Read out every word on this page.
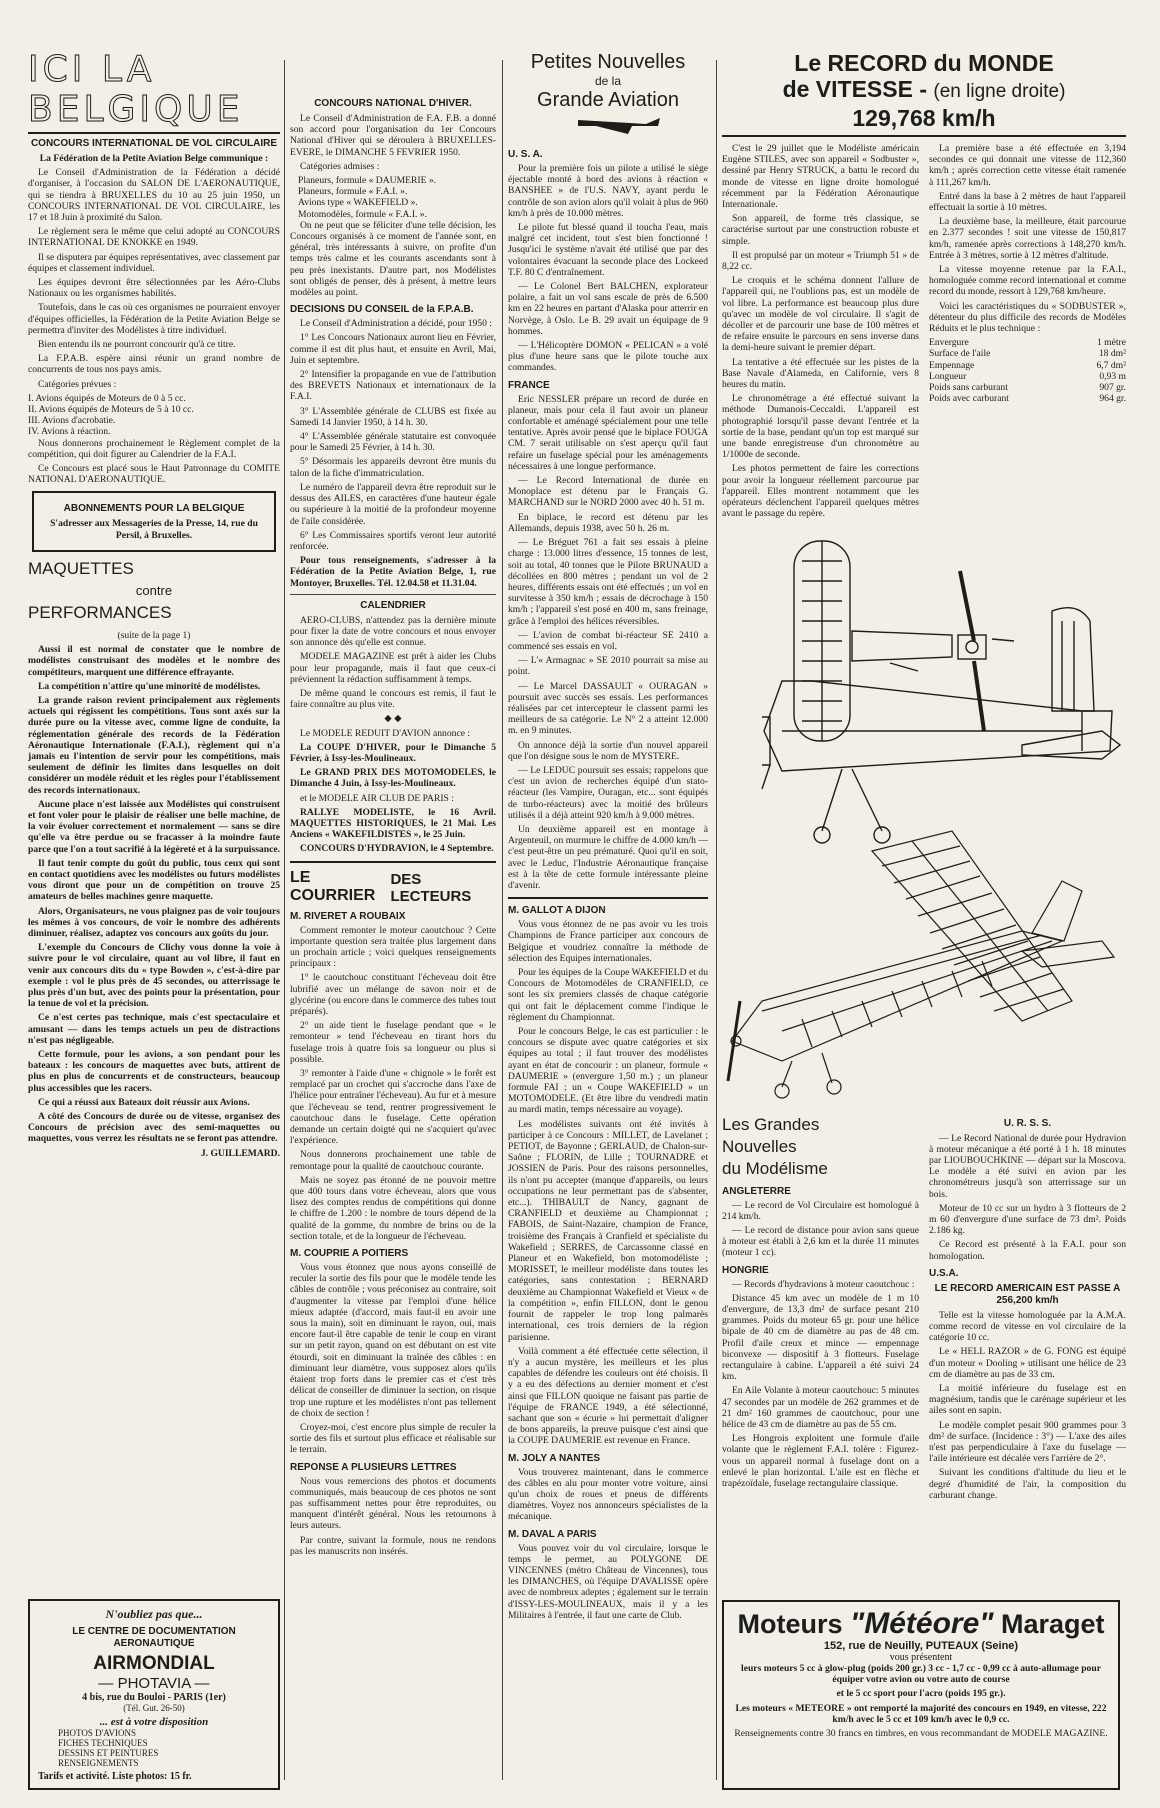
ICI LA BELGIQUE
CONCOURS INTERNATIONAL DE VOL CIRCULAIRE

La Fédération de la Petite Aviation Belge communique :

Le Conseil d'Administration de la Fédération a décidé d'organiser, à l'occasion du SALON DE L'AERONAUTIQUE, qui se tiendra à BRUXELLES du 10 au 25 juin 1950, un CONCOURS INTERNATIONAL DE VOL CIRCULAIRE, les 17 et 18 Juin à proximité du Salon.

Le règlement sera le même que celui adopté au CONCOURS INTERNATIONAL DE KNOKKE en 1949.

Il se disputera par équipes représentatives, avec classement par équipes et classement individuel.

Les équipes devront être sélectionnées par les Aéro-Clubs Nationaux ou les organismes habilités.

Toutefois, dans le cas où ces organismes ne pourraient envoyer d'équipes officielles, la Fédération de la Petite Aviation Belge se permettra d'inviter des Modélistes à titre individuel.

Bien entendu ils ne pourront concourir qu'à ce titre.

La F.P.A.B. espère ainsi réunir un grand nombre de concurrents de tous nos pays amis.

Catégories prévues :

I. Avions équipés de Moteurs de 0 à 5 cc.

II. Avions équipés de Moteurs de 5 à 10 cc.

III. Avions d'acrobatie.

IV. Avions à réaction.

Nous donnerons prochainement le Règlement complet de la compétition, qui doit figurer au Calendrier de la F.A.I.

Ce Concours est placé sous le Haut Patronnage du COMITE NATIONAL D'AERONAUTIQUE.

ABONNEMENTS POUR LA BELGIQUE

S'adresser aux Messageries de la Presse, 14, rue du Persil, à Bruxelles.

MAQUETTES
contre
PERFORMANCES

(suite de la page 1)

Aussi il est normal de constater que le nombre de modélistes construisant des modèles et le nombre des compétiteurs, marquent une différence effrayante.

La compétition n'attire qu'une minorité de modélistes.

La grande raison revient principalement aux règlements actuels qui régissent les compétitions. Tous sont axés sur la durée pure ou la vitesse avec, comme ligne de conduite, la réglementation générale des records de la Fédération Aéronautique Internationale (F.A.I.), règlement qui n'a jamais eu l'intention de servir pour les compétitions, mais seulement de définir les limites dans lesquelles on doit considérer un modèle réduit et les règles pour l'établissement des records internationaux.

Aucune place n'est laissée aux Modélistes qui construisent et font voler pour le plaisir de réaliser une belle machine, de la voir évoluer correctement et normalement — sans se dire qu'elle va être perdue ou se fracasser à la moindre faute parce que l'on a tout sacrifié à la légèreté et à la surpuissance.

Il faut tenir compte du goût du public, tous ceux qui sont en contact quotidiens avec les modélistes ou futurs modélistes vous diront que pour un de compétition on trouve 25 amateurs de belles machines genre maquette.

Alors, Organisateurs, ne vous plaignez pas de voir toujours les mêmes à vos concours, de voir le nombre des adhérents diminuer, réalisez, adaptez vos concours aux goûts du jour.

L'exemple du Concours de Clichy vous donne la voie à suivre pour le vol circulaire, quant au vol libre, il faut en venir aux concours dits du « type Bowden », c'est-à-dire par exemple : vol le plus près de 45 secondes, ou atterrissage le plus près d'un but, avec des points pour la présentation, pour la tenue de vol et la précision.

Ce n'est certes pas technique, mais c'est spectaculaire et amusant — dans les temps actuels un peu de distractions n'est pas négligeable.

Cette formule, pour les avions, a son pendant pour les bateaux : les concours de maquettes avec buts, attirent de plus en plus de concurrents et de constructeurs, beaucoup plus accessibles que les racers.

Ce qui a réussi aux Bateaux doit réussir aux Avions.

A côté des Concours de durée ou de vitesse, organisez des Concours de précision avec des semi-maquettes ou maquettes, vous verrez les résultats ne se feront pas attendre.

J. GUILLEMARD.

N'oubliez pas que...
LE CENTRE DE DOCUMENTATION AERONAUTIQUE
AIRMONDIAL
— PHOTAVIA —
4 bis, rue du Bouloi - PARIS (1er)
(Tél. Gut. 26-50)
... est à votre disposition
PHOTOS D'AVIONS
FICHES TECHNIQUES
DESSINS ET PEINTURES
RENSEIGNEMENTS
Tarifs et activité. Liste photos: 15 fr.
CONCOURS NATIONAL D'HIVER.

Le Conseil d'Administration de F.A. F.B. a donné son accord pour l'organisation du 1er Concours National d'Hiver qui se déroulera à BRUXELLES-EVERE, le DIMANCHE 5 FEVRIER 1950.

Catégories admises :

Planeurs, formule « DAUMERIE ».

Planeurs, formule « F.A.I. ».

Avions type « WAKEFIELD ».

Motomodèles, formule « F.A.I. ».

On ne peut que se féliciter d'une telle décision, les Concours organisés à ce moment de l'année sont, en général, très intéressants à suivre, on profite d'un temps très calme et les courants ascendants sont à peu près inexistants. D'autre part, nos Modélistes sont obligés de penser, dès à présent, à mettre leurs modèles au point.

DECISIONS DU CONSEIL de la F.P.A.B.

Le Conseil d'Administration a décidé, pour 1950 :

1° Les Concours Nationaux auront lieu en Février, comme il est dit plus haut, et ensuite en Avril, Mai, Juin et septembre.

2° Intensifier la propagande en vue de l'attribution des BREVETS Nationaux et internationaux de la F.A.I.

3° L'Assemblée générale de CLUBS est fixée au Samedi 14 Janvier 1950, à 14 h. 30.

4° L'Assemblée générale statutaire est convoquée pour le Samedi 25 Février, à 14 h. 30.

5° Désormais les appareils devront être munis du talon de la fiche d'immatriculation.

Le numéro de l'appareil devra être reproduit sur le dessus des AILES, en caractères d'une hauteur égale ou supérieure à la moitié de la profondeur moyenne de l'aile considérée.

6° Les Commissaires sportifs veront leur autorité renforcée.

Pour tous renseignements, s'adresser à la Fédération de la Petite Aviation Belge, 1, rue Montoyer, Bruxelles. Tél. 12.04.58 et 11.31.04.

CALENDRIER

AERO-CLUBS, n'attendez pas la dernière minute pour fixer la date de votre concours et nous envoyer son annonce dès qu'elle est connue.

MODELE MAGAZINE est prêt à aider les Clubs pour leur propagande, mais il faut que ceux-ci préviennent la rédaction suffisamment à temps.

De même quand le concours est remis, il faut le faire connaître au plus vite.

◆ ◆

Le MODELE REDUIT D'AVION annonce :

La COUPE D'HIVER, pour le Dimanche 5 Février, à Issy-les-Moulineaux.

Le GRAND PRIX DES MOTOMODELES, le Dimanche 4 Juin, à Issy-les-Moulineaux.

et le MODELE AIR CLUB DE PARIS :

RALLYE MODELISTE, le 16 Avril. MAQUETTES HISTORIQUES, le 21 Mai. Les Anciens « WAKEFILDISTES », le 25 Juin.

CONCOURS D'HYDRAVION, le 4 Septembre.

LE COURRIER
DES LECTEURS
M. RIVERET A ROUBAIX

Comment remonter le moteur caoutchouc ? Cette importante question sera traitée plus largement dans un prochain article ; voici quelques renseignements principaux :

1° le caoutchouc constituant l'écheveau doit être lubrifié avec un mélange de savon noir et de glycérine (ou encore dans le commerce des tubes tout préparés).

2° un aide tient le fuselage pendant que « le remonteur » tend l'écheveau en tirant hors du fuselage trois à quatre fois sa longueur ou plus si possible.

3° remonter à l'aide d'une « chignole » le forêt est remplacé par un crochet qui s'accroche dans l'axe de l'hélice pour entraîner l'écheveau). Au fur et à mesure que l'écheveau se tend, rentrer progressivement le caoutchouc dans le fuselage. Cette opération demande un certain doigté qui ne s'acquiert qu'avec l'expérience.

Nous donnerons prochainement une table de remontage pour la qualité de caoutchouc courante.

Mais ne soyez pas étonné de ne pouvoir mettre que 400 tours dans votre écheveau, alors que vous lisez des comptes rendus de compétitions qui donne le chiffre de 1.200 : le nombre de tours dépend de la qualité de la gomme, du nombre de brins ou de la section totale, et de la longueur de l'écheveau.

M. COUPRIE A POITIERS

Vous vous étonnez que nous ayons conseillé de reculer la sortie des fils pour que le modèle tende les câbles de contrôle ; vous préconisez au contraire, soit d'augmenter la vitesse par l'emploi d'une hélice mieux adaptée (d'accord, mais faut-il en avoir une sous la main), soit en diminuant le rayon, oui, mais encore faut-il être capable de tenir le coup en virant sur un petit rayon, quand on est débutant on est vite étourdi, soit en diminuant la traînée des câbles : en diminuant leur diamètre, vous supposez alors qu'ils étaient trop forts dans le premier cas et c'est très délicat de conseiller de diminuer la section, on risque trop une rupture et les modélistes n'ont pas tellement de choix de section !

Croyez-moi, c'est encore plus simple de reculer la sortie des fils et surtout plus efficace et réalisable sur le terrain.

REPONSE A PLUSIEURS LETTRES

Nous vous remercions des photos et documents communiqués, mais beaucoup de ces photos ne sont pas suffisamment nettes pour être reproduites, ou manquent d'intérêt général. Nous les retournons à leurs auteurs.

Par contre, suivant la formule, nous ne rendons pas les manuscrits non insérés.

Petites Nouvelles
de la
Grande Aviation
U. S. A.

Pour la première fois un pilote a utilisé le siège éjectable monté à bord des avions à réaction « BANSHEE » de l'U.S. NAVY, ayant perdu le contrôle de son avion alors qu'il volait à plus de 960 km/h à près de 10.000 mètres.

Le pilote fut blessé quand il toucha l'eau, mais malgré cet incident, tout s'est bien fonctionné ! Jusqu'ici le système n'avait été utilisé que par des volontaires évacuant la seconde place des Lockeed T.F. 80 C d'entraînement.

— Le Colonel Bert BALCHEN, explorateur polaire, a fait un vol sans escale de près de 6.500 km en 22 heures en partant d'Alaska pour atterrir en Norvège, à Oslo. Le B. 29 avait un équipage de 9 hommes.

— L'Hélicoptère DOMON « PELICAN » a volé plus d'une heure sans que le pilote touche aux commandes.

FRANCE

Eric NESSLER prépare un record de durée en planeur, mais pour cela il faut avoir un planeur confortable et aménagé spécialement pour une telle tentative. Après avoir pensé que le biplace FOUGA CM. 7 serait utilisable on s'est aperçu qu'il faut refaire un fuselage spécial pour les aménagements nécessaires à une longue performance.

— Le Record International de durée en Monoplace est détenu par le Français G. MARCHAND sur le NORD 2000 avec 40 h. 51 m.

En biplace, le record est détenu par les Allemands, depuis 1938, avec 50 h. 26 m.

— Le Bréguet 761 a fait ses essais à pleine charge : 13.000 litres d'essence, 15 tonnes de lest, soit au total, 40 tonnes que le Pilote BRUNAUD a décollées en 800 mètres ; pendant un vol de 2 heures, différents essais ont été effectués ; un vol en survitesse à 350 km/h ; essais de décrochage à 150 km/h ; l'appareil s'est posé en 400 m, sans freinage, grâce à l'emploi des hélices réversibles.

— L'avion de combat bi-réacteur SE 2410 a commencé ses essais en vol.

— L'« Armagnac » SE 2010 pourrait sa mise au point.

— Le Marcel DASSAULT « OURAGAN » poursuit avec succès ses essais. Les performances réalisées par cet intercepteur le classent parmi les meilleurs de sa catégorie. Le N° 2 a atteint 12.000 m. en 9 minutes.

On annonce déjà la sortie d'un nouvel appareil que l'on désigne sous le nom de MYSTERE.

— Le LEDUC poursuit ses essais; rappelons que c'est un avion de recherches équipé d'un stato-réacteur (les Vampire, Ouragan, etc... sont équipés de turbo-réacteurs) avec la moitié des brûleurs utilisés il a déjà atteint 920 km/h à 9.000 mètres.

Un deuxième appareil est en montage à Argenteuil, on murmure le chiffre de 4.000 km/h — c'est peut-être un peu prématuré. Quoi qu'il en soit, avec le Leduc, l'Industrie Aéronautique française est à la tête de cette formule intéressante pleine d'avenir.

M. GALLOT A DIJON

Vous vous étonnez de ne pas avoir vu les trois Champions de France participer aux concours de Belgique et voudriez connaître la méthode de sélection des Equipes internationales.

Pour les équipes de la Coupe WAKEFIELD et du Concours de Motomodèles de CRANFIELD, ce sont les six premiers classés de chaque catégorie qui ont fait le déplacement comme l'indique le règlement du Championnat.

Pour le concours Belge, le cas est particulier : le concours se dispute avec quatre catégories et six équipes au total ; il faut trouver des modélistes ayant en état de concourir : un planeur, formule « DAUMERIE » (envergure 1,50 m.) ; un planeur formule FAI ; un « Coupe WAKEFIELD » un MOTOMODELE. (Et être libre du vendredi matin au mardi matin, temps nécessaire au voyage).

Les modélistes suivants ont été invités à participer à ce Concours : MILLET, de Lavelanet ; PETIOT, de Bayonne ; GERLAUD, de Chalon-sur-Saône ; FLORIN, de Lille ; TOURNADRE et JOSSIEN de Paris. Pour des raisons personnelles, ils n'ont pu accepter (manque d'appareils, ou leurs occupations ne leur permettant pas de s'absenter, etc...). THIBAULT de Nancy, gagnant de CRANFIELD et deuxième au Championnat ; FABOIS, de Saint-Nazaire, champion de France, troisième des Français à Cranfield et spécialiste du Wakefield ; SERRES, de Carcassonne classé en Planeur et en Wakefield, bon motomodéliste ; MORISSET, le meilleur modéliste dans toutes les catégories, sans contestation ; BERNARD deuxième au Championnat Wakefield et Vieux « de la compétition », enfin FILLON, dont le genou fournit de rappeler le trop long palmarès international, ces trois derniers de la région parisienne.

Voilà comment a été effectuée cette sélection, il n'y a aucun mystère, les meilleurs et les plus capables de défendre les couleurs ont été choisis. Il y a eu des défections au dernier moment et c'est ainsi que FILLON quoique ne faisant pas partie de l'équipe de FRANCE 1949, a été sélectionné, sachant que son « écurie » lui permettait d'aligner de bons appareils, la preuve puisque c'est ainsi que la COUPE DAUMERIE est revenue en France.

M. JOLY A NANTES

Vous trouverez maintenant, dans le commerce des câbles en alu pour monter votre voiture, ainsi qu'un choix de roues et pneus de différents diamètres. Voyez nos annonceurs spécialistes de la mécanique.

M. DAVAL A PARIS

Vous pouvez voir du vol circulaire, lorsque le temps le permet, au POLYGONE DE VINCENNES (métro Château de Vincennes), tous les DIMANCHES, où l'équipe D'AVALISSE opère avec de nombreux adeptes ; également sur le terrain d'ISSY-LES-MOULINEAUX, mais il y a les Militaires à l'entrée, il faut une carte de Club.

Le RECORD du MONDE
de VITESSE - (en ligne droite)
129,768 km/h

C'est le 29 juillet que le Modéliste américain Eugène STILES, avec son appareil « Sodbuster », dessiné par Henry STRUCK, a battu le record du monde de vitesse en ligne droite homologué récemment par la Fédération Aéronautique Internationale.

Son appareil, de forme très classique, se caractérise surtout par une construction robuste et simple.

Il est propulsé par un moteur « Triumph 51 » de 8,22 cc.

Le croquis et le schéma donnent l'allure de l'appareil qui, ne l'oublions pas, est un modèle de vol libre. La performance est beaucoup plus dure qu'avec un modèle de vol circulaire. Il s'agit de décoller et de parcourir une base de 100 mètres et de refaire ensuite le parcours en sens inverse dans la demi-heure suivant le premier départ.

La tentative a été effectuée sur les pistes de la Base Navale d'Alameda, en Californie, vers 8 heures du matin.

Le chronométrage a été effectué suivant la méthode Dumanois-Ceccaldi. L'appareil est photographié lorsqu'il passe devant l'entrée et la sortie de la base, pendant qu'un top est marqué sur une bande enregistreuse d'un chronomètre au 1/1000e de seconde.

Les photos permettent de faire les corrections pour avoir la longueur réellement parcourue par l'appareil. Elles montrent notamment que les opérateurs déclenchent l'appareil quelques mètres avant le passage du repère.

La première base a été effectuée en 3,194 secondes ce qui donnait une vitesse de 112,360 km/h ; après correction cette vitesse était ramenée à 111,267 km/h.

Entré dans la base à 2 mètres de haut l'appareil effectuait la sortie à 10 mètres.

La deuxième base, la meilleure, était parcourue en 2.377 secondes ! soit une vitesse de 150,817 km/h, ramenée après corrections à 148,270 km/h. Entrée à 3 mètres, sortie à 12 mètres d'altitude.

La vitesse moyenne retenue par la F.A.I., homologuée comme record international et comme record du monde, ressort à 129,768 km/heure.

Voici les caractéristiques du « SODBUSTER », détenteur du plus difficile des records de Modèles Réduits et le plus technique :

Envergure	1 mètre
Surface de l'aile	18 dm²
Empennage	6,7 dm²
Longueur	0,93 m
Poids sans carburant	907 gr.
Poids avec carburant	964 gr.
Les Grandes
Nouvelles
du Modélisme
ANGLETERRE

— Le record de Vol Circulaire est homologué à 214 km/h.

— Le record de distance pour avion sans queue à moteur est établi à 2,6 km et la durée 11 minutes (moteur 1 cc).

HONGRIE

— Records d'hydravions à moteur caoutchouc :

Distance 45 km avec un modèle de 1 m 10 d'envergure, de 13,3 dm² de surface pesant 210 grammes. Poids du moteur 65 gr. pour une hélice bipale de 40 cm de diamètre au pas de 48 cm. Profil d'aile creux et mince — empennage biconvexe — dispositif à 3 flotteurs. Fuselage rectangulaire à cabine. L'appareil a été suivi 24 km.

En Aile Volante à moteur caoutchouc: 5 minutes 47 secondes par un modèle de 262 grammes et de 21 dm² 160 grammes de caoutchouc, pour une hélice de 43 cm de diamètre au pas de 55 cm.

Les Hongrois exploitent une formule d'aile volante que le règlement F.A.I. tolère : Figurez-vous un appareil normal à fuselage dont on a enlevé le plan horizontal. L'aile est en flèche et trapézoïdale, fuselage rectangulaire classique.

U. R. S. S.

— Le Record National de durée pour Hydravion à moteur mécanique a été porté à 1 h. 18 minutes par LIOUBOUCHKINE — départ sur la Moscova. Le modèle a été suivi en avion par les chronométreurs jusqu'à son atterrissage sur un bois.

Moteur de 10 cc sur un hydro à 3 flotteurs de 2 m 60 d'envergure d'une surface de 73 dm². Poids 2.186 kg.

Ce Record est présenté à la F.A.I. pour son homologation.

U.S.A.
LE RECORD AMERICAIN EST PASSE A 256,200 km/h

Telle est la vitesse homologuée par la A.M.A. comme record de vitesse en vol circulaire de la catégorie 10 cc.

Le « HELL RAZOR » de G. FONG est équipé d'un moteur « Dooling » utilisant une hélice de 23 cm de diamètre au pas de 33 cm.

La moitié inférieure du fuselage est en magnésium, tandis que le carénage supérieur et les ailes sont en sapin.

Le modèle complet pesait 900 grammes pour 3 dm² de surface. (Incidence : 3°) — L'axe des ailes n'est pas perpendiculaire à l'axe du fuselage — l'aile intérieure est décalée vers l'arrière de 2°.

Suivant les conditions d'altitude du lieu et le degré d'humidité de l'air, la composition du carburant change.

Moteurs "Météore" Maraget
152, rue de Neuilly, PUTEAUX (Seine)
vous présentent

leurs moteurs 5 cc à glow-plug (poids 200 gr.) 3 cc - 1,7 cc - 0,99 cc à auto-allumage pour équiper votre avion ou votre auto de course

et le 5 cc sport pour l'acro (poids 195 gr.).

Les moteurs « METEORE » ont remporté la majorité des concours en 1949, en vitesse, 222 km/h avec le 5 cc et 109 km/h avec le 0,9 cc.

Renseignements contre 30 francs en timbres, en vous recommandant de MODELE MAGAZINE.
